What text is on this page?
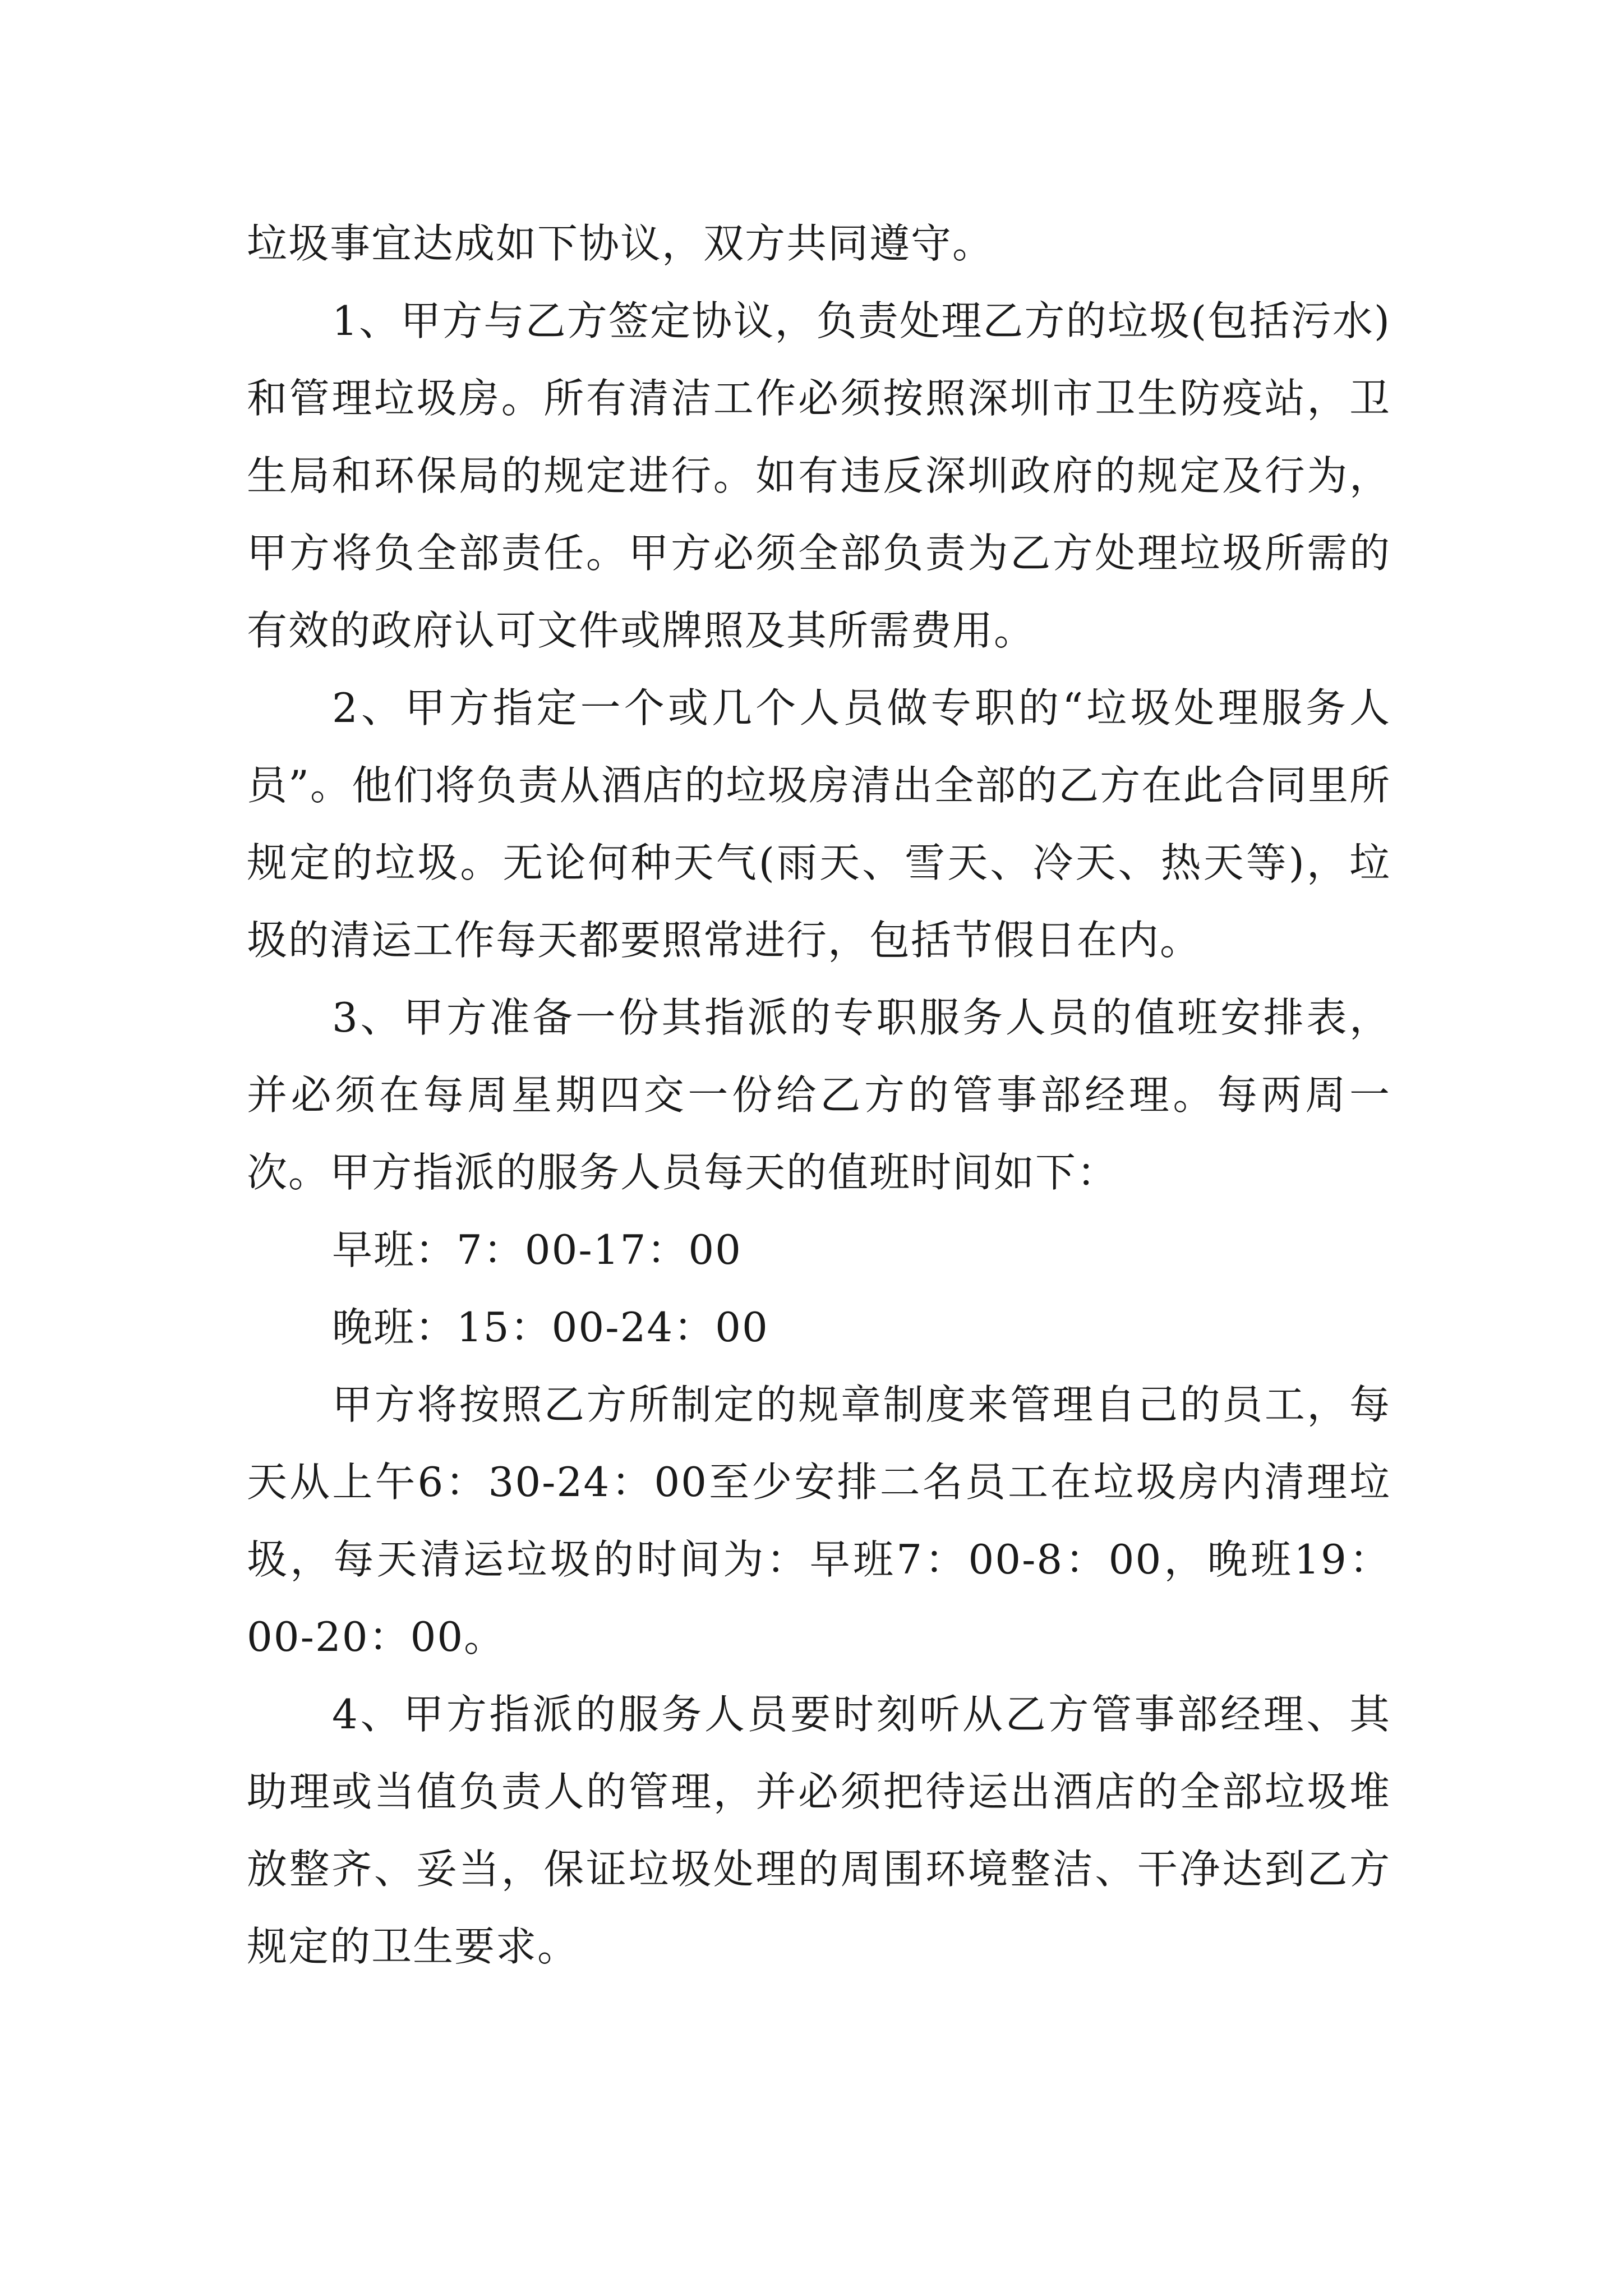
垃圾事宜达成如下协议，双方共同遵守。

1、甲方与乙方签定协议，负责处理乙方的垃圾(包括污水)和管理垃圾房。所有清洁工作必须按照深圳市卫生防疫站，卫生局和环保局的规定进行。如有违反深圳政府的规定及行为，甲方将负全部责任。甲方必须全部负责为乙方处理垃圾所需的有效的政府认可文件或牌照及其所需费用。

2、甲方指定一个或几个人员做专职的“垃圾处理服务人员”。他们将负责从酒店的垃圾房清出全部的乙方在此合同里所规定的垃圾。无论何种天气(雨天、雪天、冷天、热天等)，垃圾的清运工作每天都要照常进行，包括节假日在内。

3、甲方准备一份其指派的专职服务人员的值班安排表，并必须在每周星期四交一份给乙方的管事部经理。每两周一次。甲方指派的服务人员每天的值班时间如下：

早班：7：00-17：00

晚班：15：00-24：00

甲方将按照乙方所制定的规章制度来管理自己的员工，每天从上午6：30-24：00至少安排二名员工在垃圾房内清理垃圾，每天清运垃圾的时间为：早班7：00-8：00，晚班19：00-20：00。

4、甲方指派的服务人员要时刻听从乙方管事部经理、其助理或当值负责人的管理，并必须把待运出酒店的全部垃圾堆放整齐、妥当，保证垃圾处理的周围环境整洁、干净达到乙方规定的卫生要求。
